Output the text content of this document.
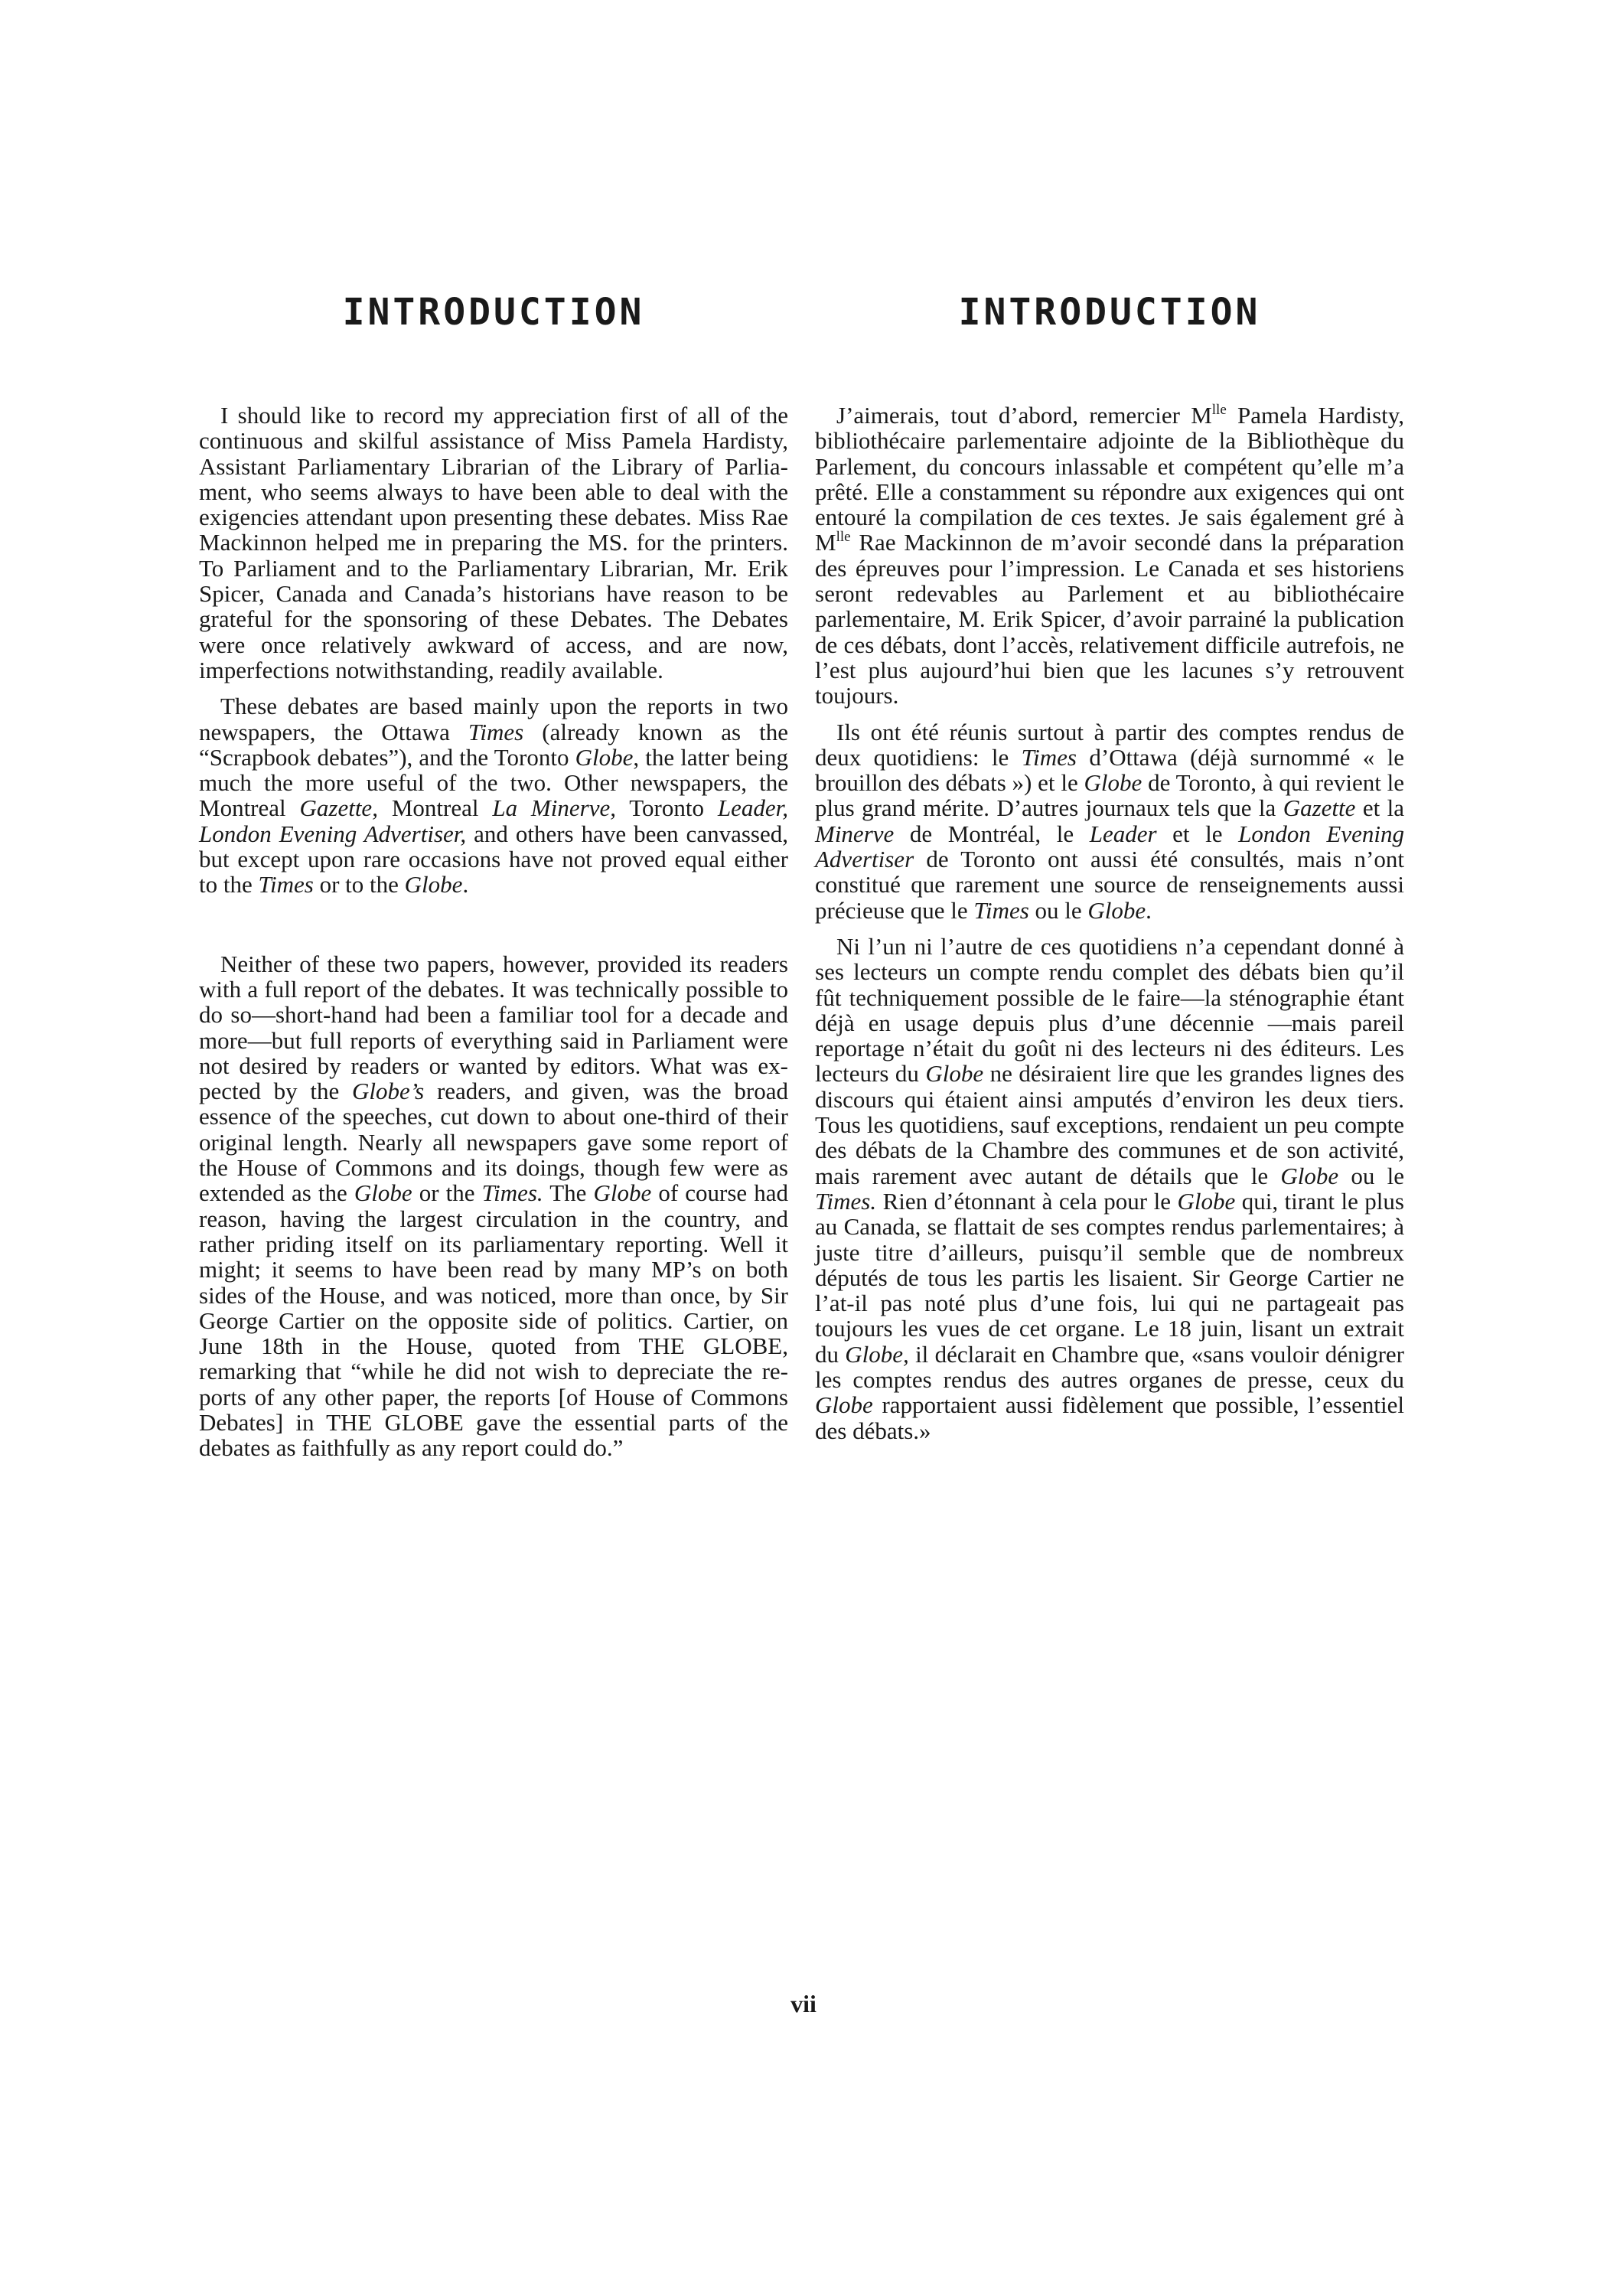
INTRODUCTION

I should like to record my appreciation first of all of the continuous and skilful assistance of Miss Pamela Hardisty, Assistant Parliamentary Librarian of the Library of Parliament, who seems always to have been able to deal with the exigencies attendant upon presenting these debates. Miss Rae Mackinnon helped me in preparing the MS. for the printers. To Parliament and to the Parliamentary Librarian, Mr. Erik Spicer, Canada and Canada’s historians have reason to be grateful for the sponsoring of these Debates. The Debates were once relatively awkward of access, and are now, imperfections notwithstanding, readily available.

These debates are based mainly upon the reports in two newspapers, the Ottawa Times (already known as the “Scrapbook debates”), and the Toronto Globe, the latter being much the more useful of the two. Other newspapers, the Montreal Gazette, Montreal La Minerve, Toronto Leader, London Evening Advertiser, and others have been canvassed, but except upon rare occasions have not proved equal either to the Times or to the Globe.

Neither of these two papers, however, provided its readers with a full report of the debates. It was technically possible to do so—short-hand had been a familiar tool for a decade and more—but full reports of everything said in Parliament were not desired by readers or wanted by editors. What was expected by the Globe’s readers, and given, was the broad essence of the speeches, cut down to about one-third of their original length. Nearly all newspapers gave some report of the House of Commons and its doings, though few were as extended as the Globe or the Times. The Globe of course had reason, having the largest circulation in the country, and rather priding itself on its parliamentary reporting. Well it might; it seems to have been read by many MP’s on both sides of the House, and was noticed, more than once, by Sir George Cartier on the opposite side of politics. Cartier, on June 18th in the House, quoted from THE GLOBE, remarking that “while he did not wish to depreciate the reports of any other paper, the reports [of House of Commons Debates] in THE GLOBE gave the essential parts of the debates as faithfully as any report could do.”

INTRODUCTION

J’aimerais, tout d’abord, remercier $M^{lle}$ Pamela Hardisty, bibliothécaire parlementaire adjointe de la Bibliothèque du Parlement, du concours inlassable et compétent qu’elle m’a prêté. Elle a constamment su répondre aux exigences qui ont entouré la compilation de ces textes. Je sais également gré à $M^{lle}$ Rae Mackinnon de m’avoir secondé dans la préparation des épreuves pour l’impression. Le Canada et ses historiens seront redevables au Parlement et au bibliothécaire parlementaire, M. Erik Spicer, d’avoir parrainé la publication de ces débats, dont l’accès, relativement difficile autrefois, ne l’est plus aujourd’hui bien que les lacunes s’y retrouvent toujours.

Ils ont été réunis surtout à partir des comptes rendus de deux quotidiens: le Times d’Ottawa (déjà surnommé « le brouillon des débats ») et le Globe de Toronto, à qui revient le plus grand mérite. D’autres journaux tels que la Gazette et la Minerve de Montréal, le Leader et le London Evening Advertiser de Toronto ont aussi été consultés, mais n’ont constitué que rarement une source de renseignements aussi précieuse que le Times ou le Globe.

Ni l’un ni l’autre de ces quotidiens n’a cependant donné à ses lecteurs un compte rendu complet des débats bien qu’il fût techniquement possible de le faire—la sténographie étant déjà en usage depuis plus d’une décennie —mais pareil reportage n’était du goût ni des lecteurs ni des éditeurs. Les lecteurs du Globe ne désiraient lire que les grandes lignes des discours qui étaient ainsi amputés d’environ les deux tiers. Tous les quotidiens, sauf exceptions, rendaient un peu compte des débats de la Chambre des communes et de son activité, mais rarement avec autant de détails que le Globe ou le Times. Rien d’étonnant à cela pour le Globe qui, tirant le plus au Canada, se flattait de ses comptes rendus parlementaires; à juste titre d’ailleurs, puisqu’il semble que de nombreux députés de tous les partis les lisaient. Sir George Cartier ne l’at-il pas noté plus d’une fois, lui qui ne partageait pas toujours les vues de cet organe. Le 18 juin, lisant un extrait du Globe, il déclarait en Chambre que, «sans vouloir dénigrer les comptes rendus des autres organes de presse, ceux du Globe rapportaient aussi fidèlement que possible, l’essentiel des débats.»

vii
